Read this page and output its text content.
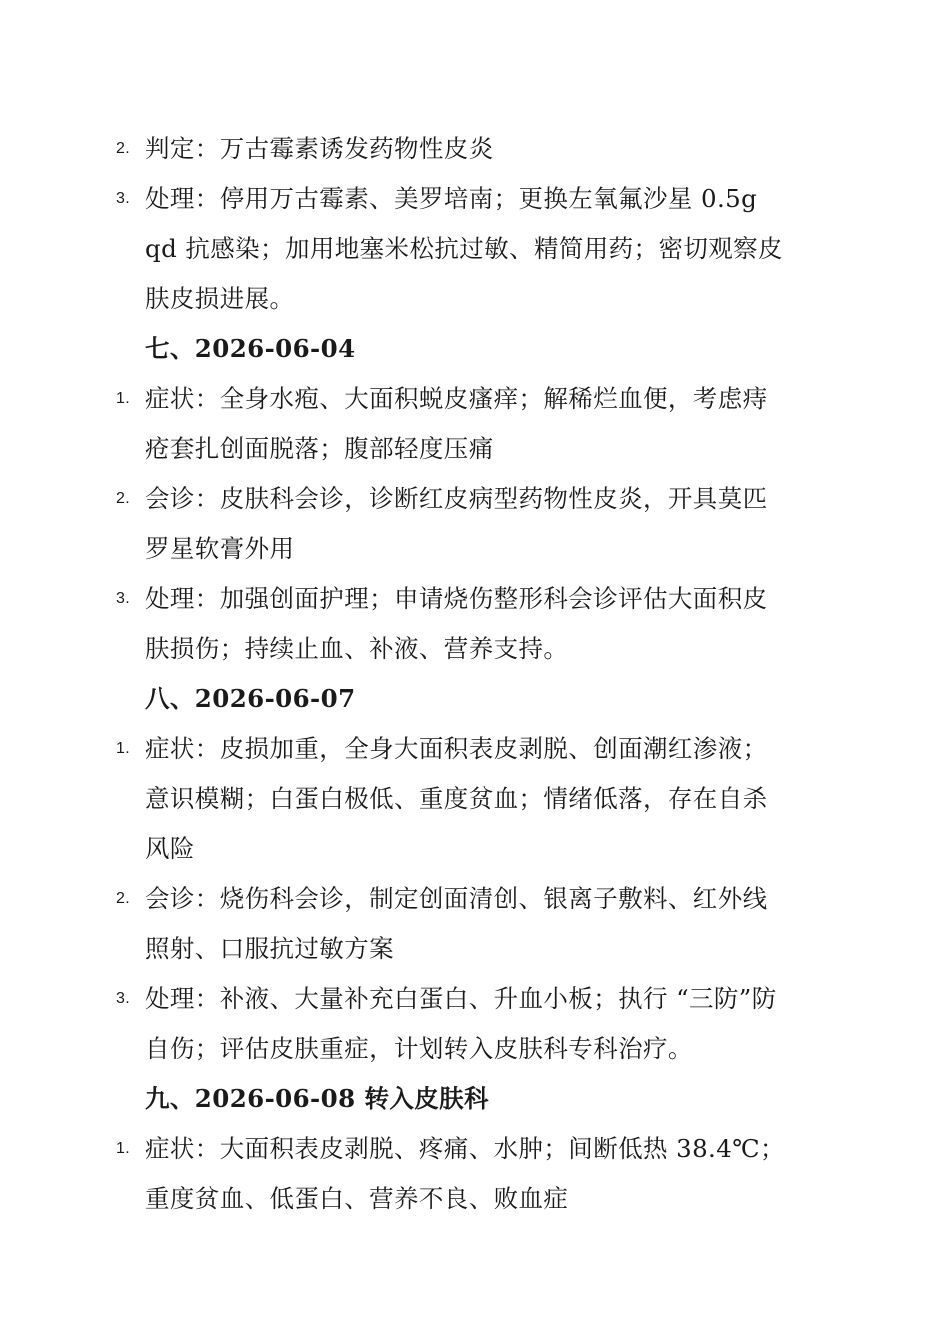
2. 判定：万古霉素诱发药物性皮炎
3. 处理：停用万古霉素、美罗培南；更换左氧氟沙星 0.5g qd 抗感染；加用地塞米松抗过敏、精简用药；密切观察皮肤皮损进展。
七、2026-06-04
1. 症状：全身水疱、大面积蜕皮瘙痒；解稀烂血便，考虑痔疮套扎创面脱落；腹部轻度压痛
2. 会诊：皮肤科会诊，诊断红皮病型药物性皮炎，开具莫匹罗星软膏外用
3. 处理：加强创面护理；申请烧伤整形科会诊评估大面积皮肤损伤；持续止血、补液、营养支持。
八、2026-06-07
1. 症状：皮损加重，全身大面积表皮剥脱、创面潮红渗液；意识模糊；白蛋白极低、重度贫血；情绪低落，存在自杀风险
2. 会诊：烧伤科会诊，制定创面清创、银离子敷料、红外线照射、口服抗过敏方案
3. 处理：补液、大量补充白蛋白、升血小板；执行 “三防”防自伤；评估皮肤重症，计划转入皮肤科专科治疗。
九、2026-06-08 转入皮肤科
1. 症状：大面积表皮剥脱、疼痛、水肿；间断低热 38.4℃；重度贫血、低蛋白、营养不良、败血症
